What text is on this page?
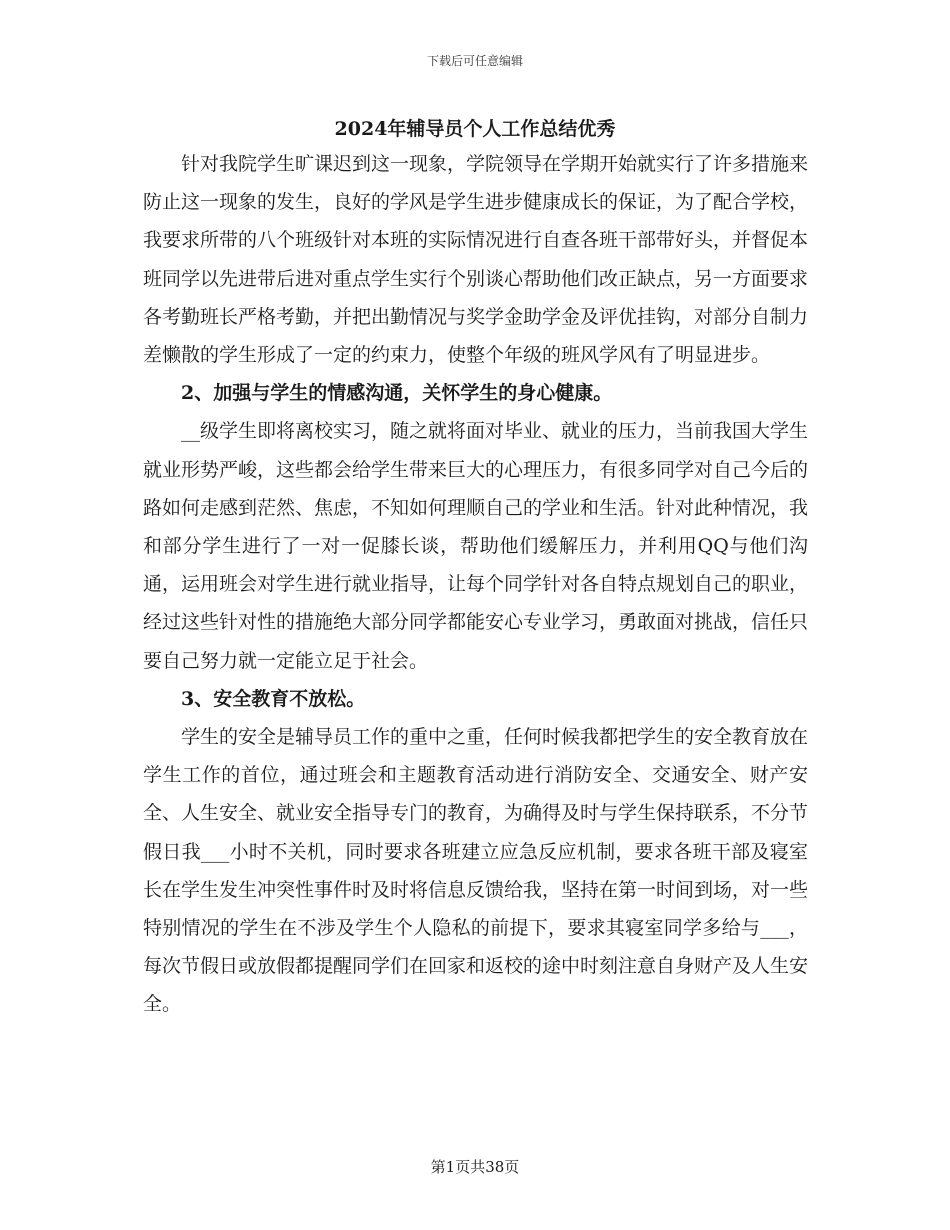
下载后可任意编辑
2024年辅导员个人工作总结优秀

针对我院学生旷课迟到这一现象，学院领导在学期开始就实行了许多措施来防止这一现象的发生，良好的学风是学生进步健康成长的保证，为了配合学校，我要求所带的八个班级针对本班的实际情况进行自查各班干部带好头，并督促本班同学以先进带后进对重点学生实行个别谈心帮助他们改正缺点，另一方面要求各考勤班长严格考勤，并把出勤情况与奖学金助学金及评优挂钩，对部分自制力差懒散的学生形成了一定的约束力，使整个年级的班风学风有了明显进步。

2、加强与学生的情感沟通，关怀学生的身心健康。

__级学生即将离校实习，随之就将面对毕业、就业的压力，当前我国大学生就业形势严峻，这些都会给学生带来巨大的心理压力，有很多同学对自己今后的路如何走感到茫然、焦虑，不知如何理顺自己的学业和生活。针对此种情况，我和部分学生进行了一对一促膝长谈，帮助他们缓解压力，并利用QQ与他们沟通，运用班会对学生进行就业指导，让每个同学针对各自特点规划自己的职业，经过这些针对性的措施绝大部分同学都能安心专业学习，勇敢面对挑战，信任只要自己努力就一定能立足于社会。

3、安全教育不放松。

学生的安全是辅导员工作的重中之重，任何时候我都把学生的安全教育放在学生工作的首位，通过班会和主题教育活动进行消防安全、交通安全、财产安全、人生安全、就业安全指导专门的教育，为确得及时与学生保持联系，不分节假日我___小时不关机，同时要求各班建立应急反应机制，要求各班干部及寝室长在学生发生冲突性事件时及时将信息反馈给我，坚持在第一时间到场，对一些特别情况的学生在不涉及学生个人隐私的前提下，要求其寝室同学多给与___，每次节假日或放假都提醒同学们在回家和返校的途中时刻注意自身财产及人生安全。

第1页共38页
